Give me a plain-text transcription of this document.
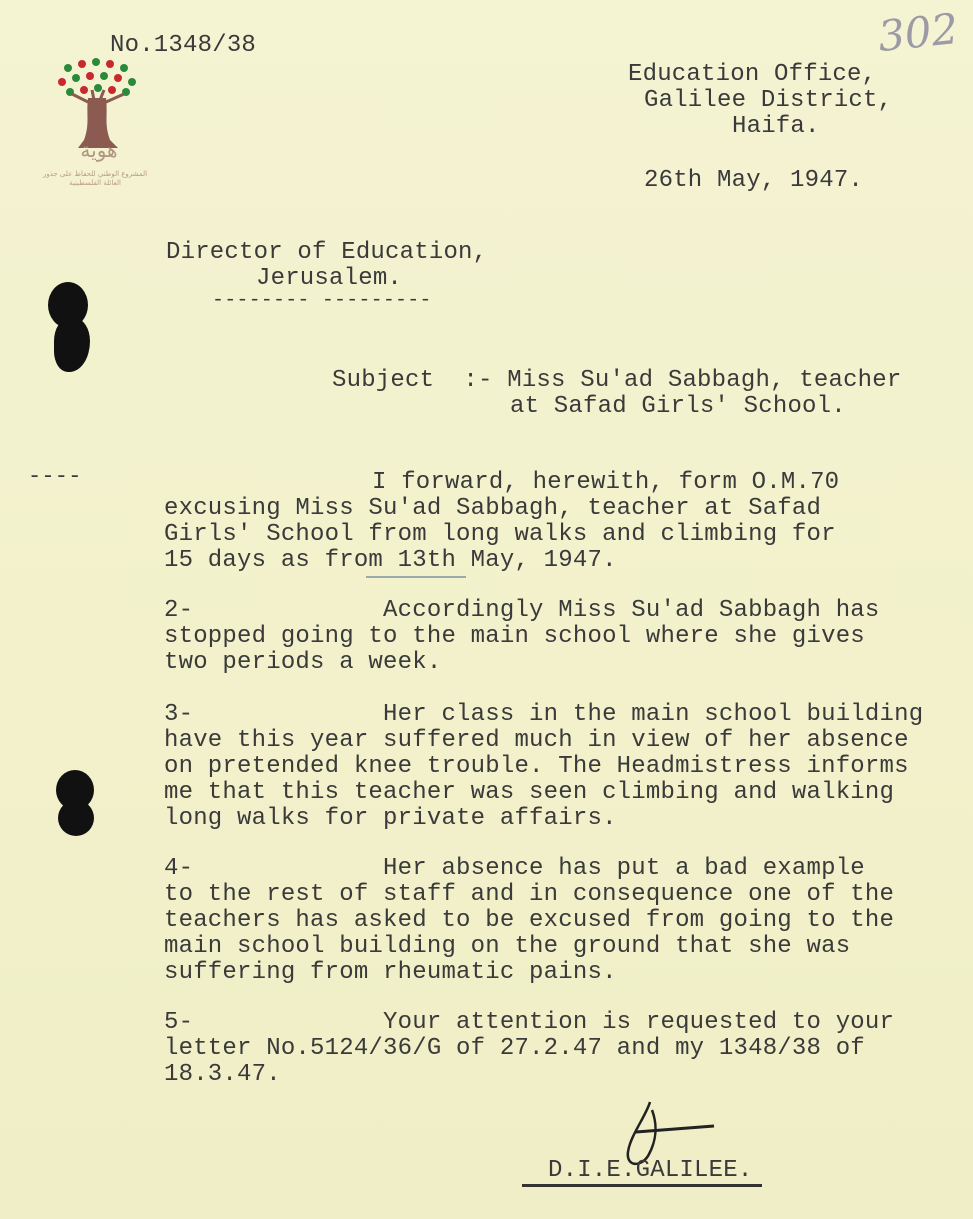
هوية
المشروع الوطني للحفاظ على جذور العائلة الفلسطينية
302
No.1348/38
Education Office,
Galilee District,
Haifa.
26th May, 1947.
----
Director of Education,
Jerusalem.
-------- ---------
Subject  :- Miss Su'ad Sabbagh, teacher
at Safad Girls' School.
I forward, herewith, form O.M.70
excusing Miss Su'ad Sabbagh, teacher at Safad
Girls' School from long walks and climbing for
15 days as from 13th May, 1947.
2-             Accordingly Miss Su'ad Sabbagh has
stopped going to the main school where she gives
two periods a week.
3-             Her class in the main school building
have this year suffered much in view of her absence
on pretended knee trouble. The Headmistress informs
me that this teacher was seen climbing and walking
long walks for private affairs.
4-             Her absence has put a bad example
to the rest of staff and in consequence one of the
teachers has asked to be excused from going to the
main school building on the ground that she was
suffering from rheumatic pains.
5-             Your attention is requested to your
letter No.5124/36/G of 27.2.47 and my 1348/38 of
18.3.47.
D.I.E.GALILEE.
